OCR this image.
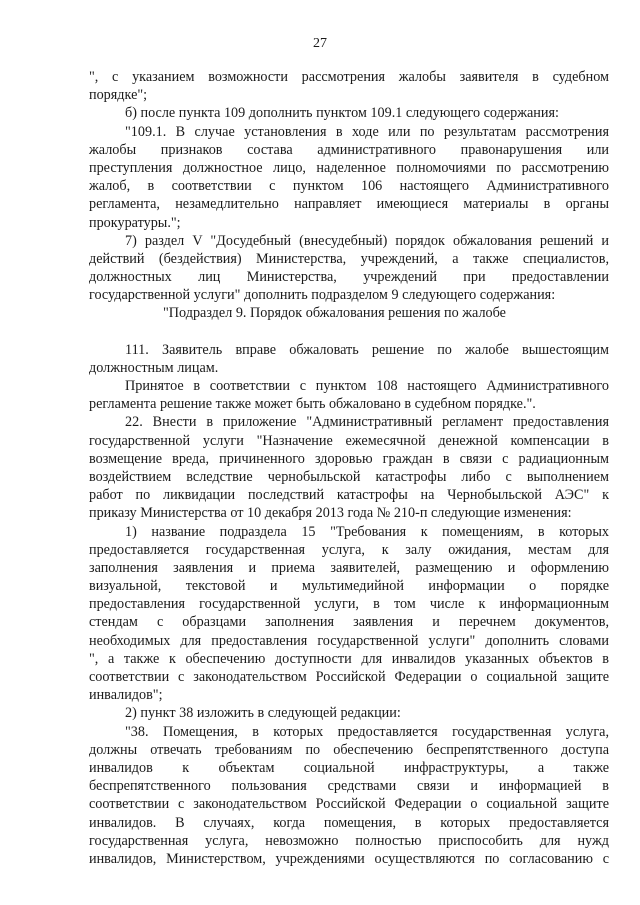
27
", с указанием возможности рассмотрения жалобы заявителя в судебном
порядке";
б) после пункта 109 дополнить пунктом 109.1 следующего содержания:
"109.1. В случае установления в ходе или по результатам рассмотрения
жалобы признаков состава административного правонарушения или
преступления должностное лицо, наделенное полномочиями по рассмотрению
жалоб, в соответствии с пунктом 106 настоящего Административного
регламента, незамедлительно направляет имеющиеся материалы в органы
прокуратуры.";
7) раздел V "Досудебный (внесудебный) порядок обжалования решений и
действий (бездействия) Министерства, учреждений, а также специалистов,
должностных лиц Министерства, учреждений при предоставлении
государственной услуги" дополнить подразделом 9 следующего содержания:
"Подраздел 9. Порядок обжалования решения по жалобе
111. Заявитель вправе обжаловать решение по жалобе вышестоящим
должностным лицам.
Принятое в соответствии с пунктом 108 настоящего Административного
регламента решение также может быть обжаловано в судебном порядке.".
22. Внести в приложение "Административный регламент предоставления
государственной услуги "Назначение ежемесячной денежной компенсации в
возмещение вреда, причиненного здоровью граждан в связи с радиационным
воздействием вследствие чернобыльской катастрофы либо с выполнением
работ по ликвидации последствий катастрофы на Чернобыльской АЭС" к
приказу Министерства от 10 декабря 2013 года № 210-п следующие изменения:
1) название подраздела 15 "Требования к помещениям, в которых
предоставляется государственная услуга, к залу ожидания, местам для
заполнения заявления и приема заявителей, размещению и оформлению
визуальной, текстовой и мультимедийной информации о порядке
предоставления государственной услуги, в том числе к информационным
стендам с образцами заполнения заявления и перечнем документов,
необходимых для предоставления государственной услуги" дополнить словами
", а также к обеспечению доступности для инвалидов указанных объектов в
соответствии с законодательством Российской Федерации о социальной защите
инвалидов";
2) пункт 38 изложить в следующей редакции:
"38. Помещения, в которых предоставляется государственная услуга,
должны отвечать требованиям по обеспечению беспрепятственного доступа
инвалидов к объектам социальной инфраструктуры, а также
беспрепятственного пользования средствами связи и информацией в
соответствии с законодательством Российской Федерации о социальной защите
инвалидов. В случаях, когда помещения, в которых предоставляется
государственная услуга, невозможно полностью приспособить для нужд
инвалидов, Министерством, учреждениями осуществляются по согласованию с
